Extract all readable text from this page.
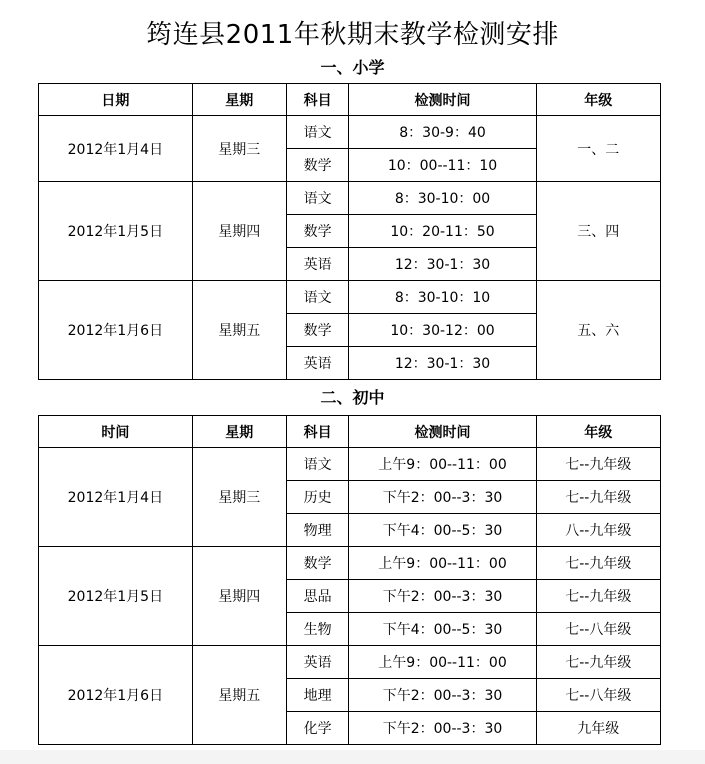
筠连县2011年秋期末教学检测安排
一、小学
日期	星期	科目	检测时间	年级
2012年1月4日	星期三	语文	8：30-9：40	一、二
		数学	10：00--11：10	
2012年1月5日	星期四	语文	8：30-10：00	三、四
		数学	10：20-11：50	
		英语	12：30-1：30	
2012年1月6日	星期五	语文	8：30-10：10	五、六
		数学	10：30-12：00	
		英语	12：30-1：30	
二、初中
时间	星期	科目	检测时间	年级
2012年1月4日	星期三	语文	上午9：00--11：00	七--九年级
		历史	下午2：00--3：30	七--九年级
		物理	下午4：00--5：30	八--九年级
2012年1月5日	星期四	数学	上午9：00--11：00	七--九年级
		思品	下午2：00--3：30	七--九年级
		生物	下午4：00--5：30	七--八年级
2012年1月6日	星期五	英语	上午9：00--11：00	七--九年级
		地理	下午2：00--3：30	七--八年级
		化学	下午2：00--3：30	九年级
